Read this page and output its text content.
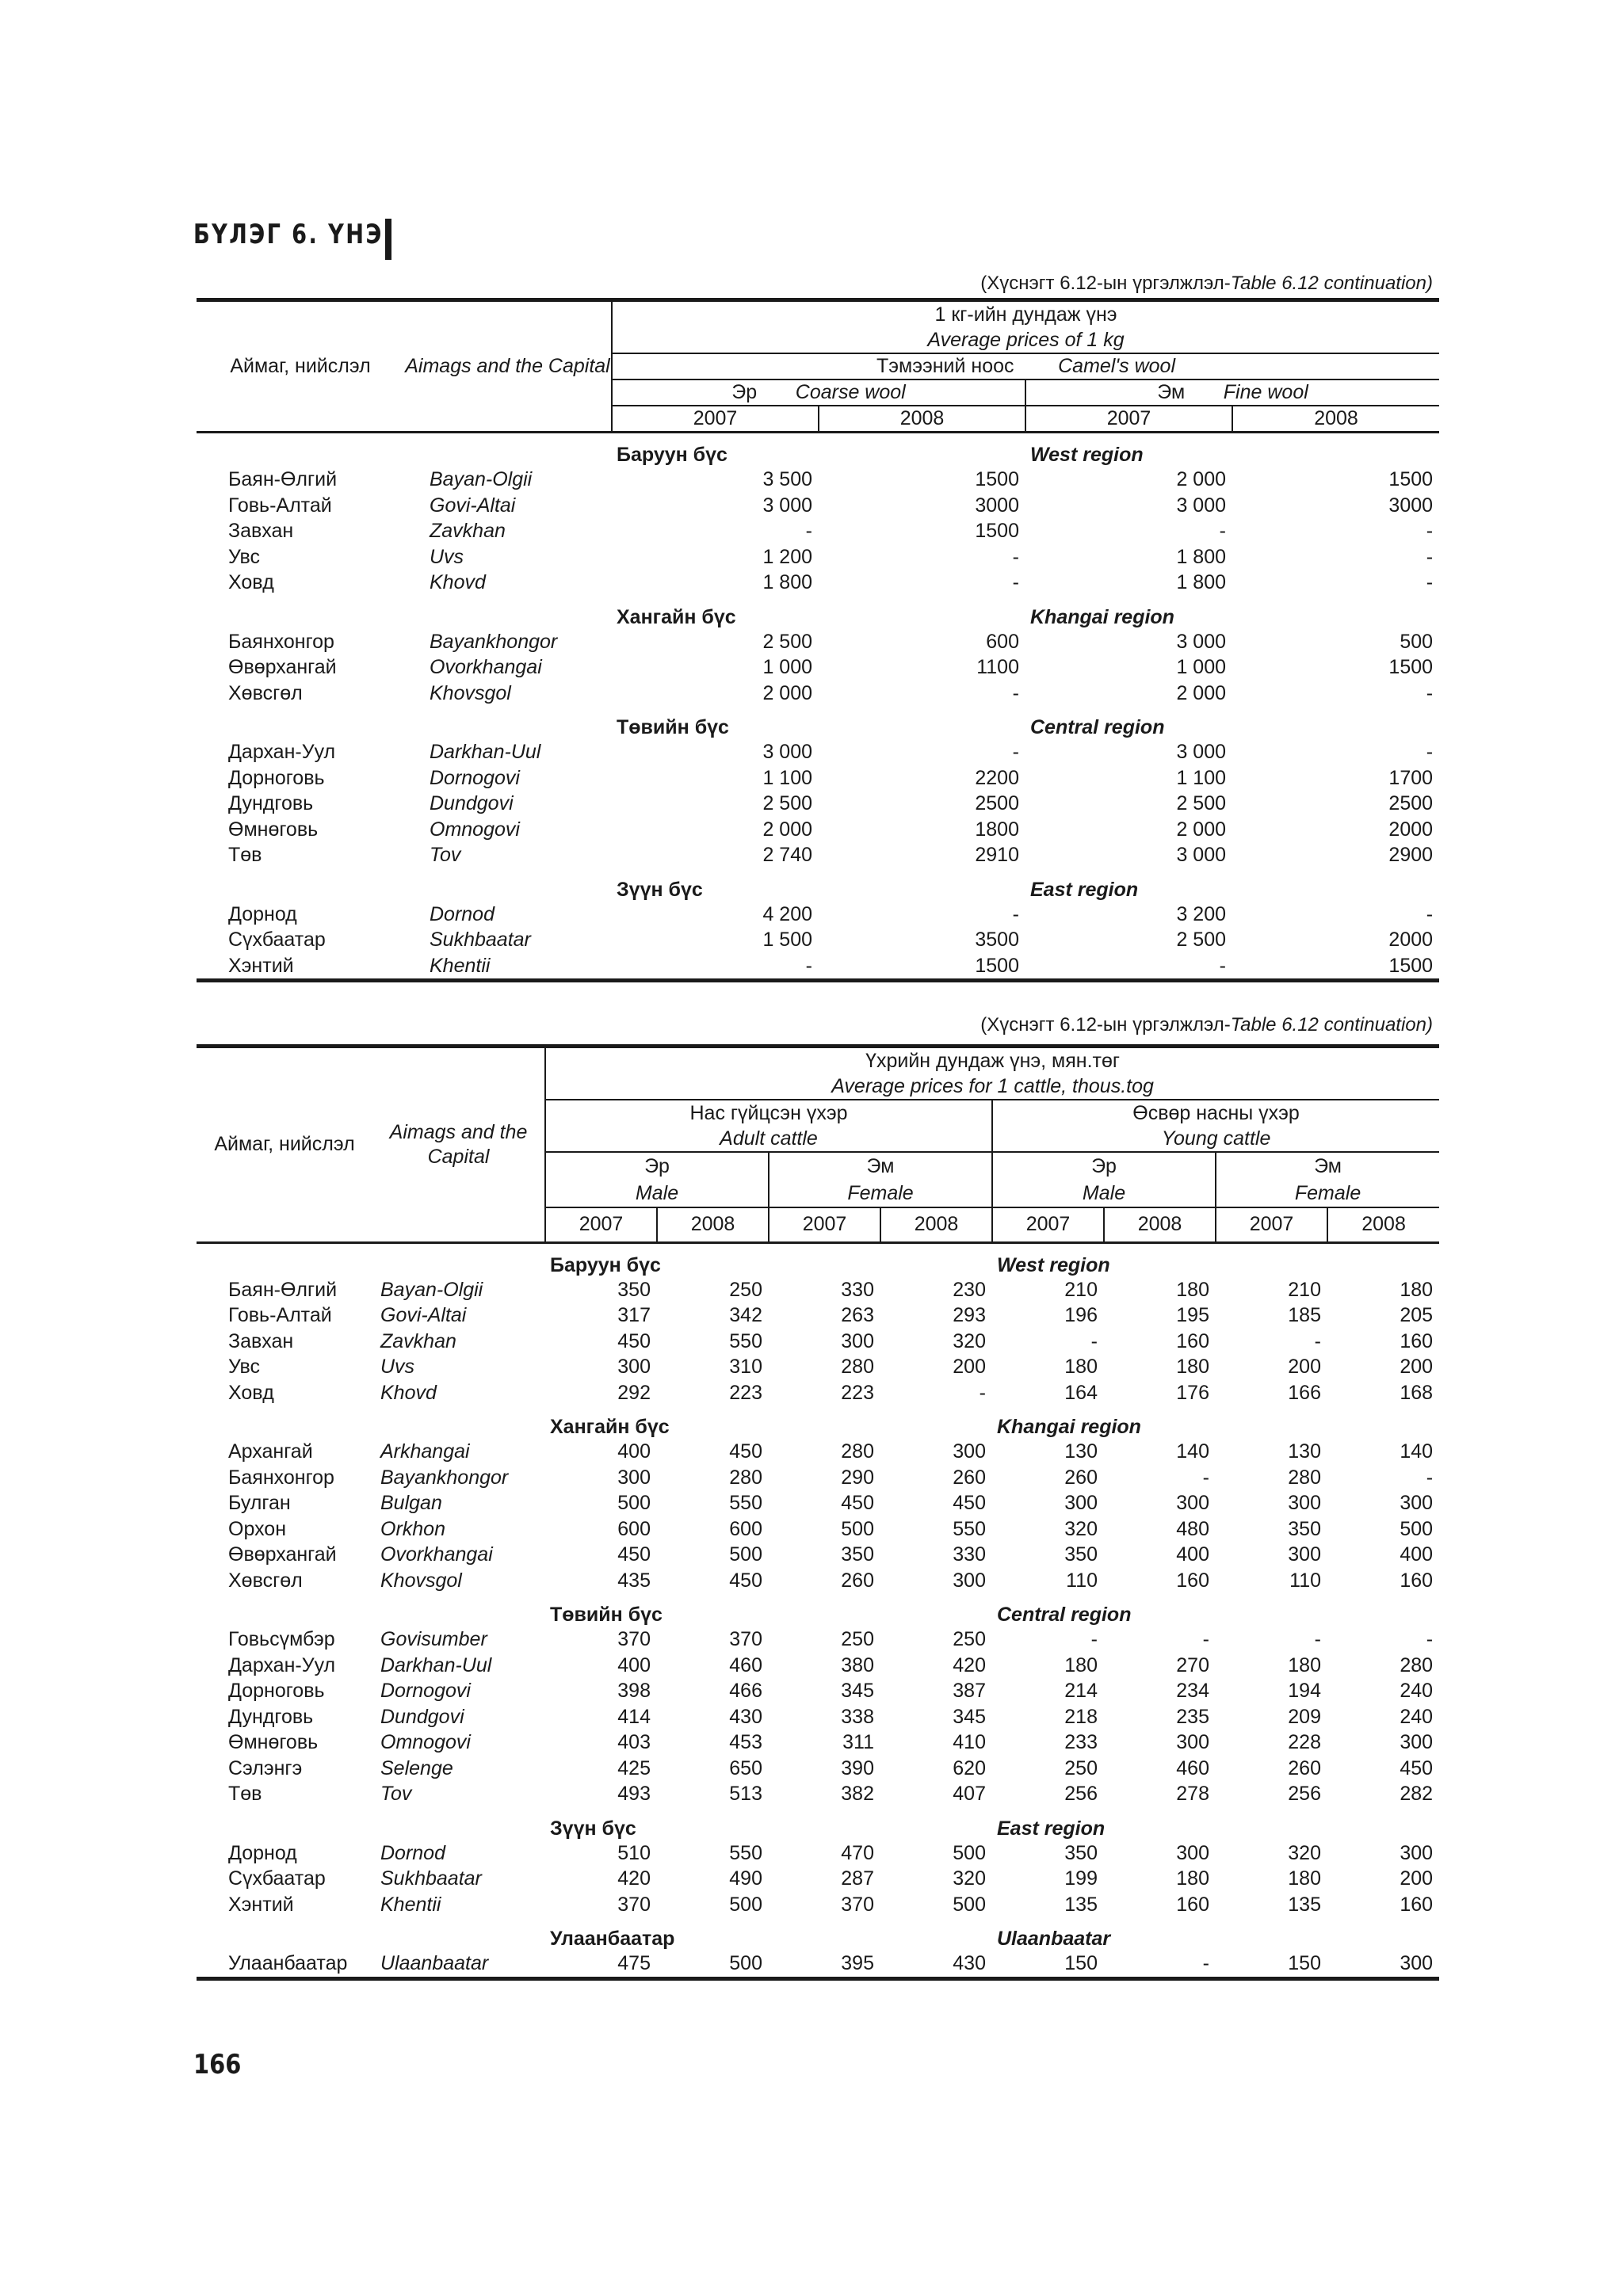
БҮЛЭГ 6. ҮНЭ
(Хүснэгт 6.12-ын үргэлжлэл-Table 6.12 continuation)
Аймаг, нийслэл	Aimags and the Capital	1 кг-ийн дундаж үнэ
Average prices of 1 kg			
		Тэмээний ноос Camel's wool			
		Эр Coarse wool		Эм Fine wool	
		2007	2008	2007	2008
		Баруун бүс		West region	
Баян-Өлгий	Bayan-Olgii	3 500	1500	2 000	1500
Говь-Алтай	Govi-Altai	3 000	3000	3 000	3000
Завхан	Zavkhan	-	1500	-	-
Увс	Uvs	1 200	-	1 800	-
Ховд	Khovd	1 800	-	1 800	-
		Хангайн бүс		Khangai region	
Баянхонгор	Bayankhongor	2 500	600	3 000	500
Өвөрхангай	Ovorkhangai	1 000	1100	1 000	1500
Хөвсгөл	Khovsgol	2 000	-	2 000	-
		Төвийн бүс		Central region	
Дархан-Уул	Darkhan-Uul	3 000	-	3 000	-
Дорноговь	Dornogovi	1 100	2200	1 100	1700
Дундговь	Dundgovi	2 500	2500	2 500	2500
Өмнөговь	Omnogovi	2 000	1800	2 000	2000
Төв	Tov	2 740	2910	3 000	2900
		Зүүн бүс		East region	
Дорнод	Dornod	4 200	-	3 200	-
Сүхбаатар	Sukhbaatar	1 500	3500	2 500	2000
Хэнтий	Khentii	-	1500	-	1500
(Хүснэгт 6.12-ын үргэлжлэл-Table 6.12 continuation)
Аймаг, нийслэл	Aimags and the Capital	Үхрийн дундаж үнэ, мян.төг
Average prices for 1 cattle, thous.tog							
		Нас гүйцсэн үхэр
Adult cattle				Өсвөр насны үхэр
Young cattle			
		Эр
Male		Эм
Female		Эр
Male		Эм
Female	
		2007	2008	2007	2008	2007	2008	2007	2008
		Баруун бүс				West region			
Баян-Өлгий	Bayan-Olgii	350	250	330	230	210	180	210	180
Говь-Алтай	Govi-Altai	317	342	263	293	196	195	185	205
Завхан	Zavkhan	450	550	300	320	-	160	-	160
Увс	Uvs	300	310	280	200	180	180	200	200
Ховд	Khovd	292	223	223	-	164	176	166	168
		Хангайн бүс				Khangai region			
Архангай	Arkhangai	400	450	280	300	130	140	130	140
Баянхонгор	Bayankhongor	300	280	290	260	260	-	280	-
Булган	Bulgan	500	550	450	450	300	300	300	300
Орхон	Orkhon	600	600	500	550	320	480	350	500
Өвөрхангай	Ovorkhangai	450	500	350	330	350	400	300	400
Хөвсгөл	Khovsgol	435	450	260	300	110	160	110	160
		Төвийн бүс				Central region			
Говьсүмбэр	Govisumber	370	370	250	250	-	-	-	-
Дархан-Уул	Darkhan-Uul	400	460	380	420	180	270	180	280
Дорноговь	Dornogovi	398	466	345	387	214	234	194	240
Дундговь	Dundgovi	414	430	338	345	218	235	209	240
Өмнөговь	Omnogovi	403	453	311	410	233	300	228	300
Сэлэнгэ	Selenge	425	650	390	620	250	460	260	450
Төв	Tov	493	513	382	407	256	278	256	282
		Зүүн бүс				East region			
Дорнод	Dornod	510	550	470	500	350	300	320	300
Сүхбаатар	Sukhbaatar	420	490	287	320	199	180	180	200
Хэнтий	Khentii	370	500	370	500	135	160	135	160
		Улаанбаатар				Ulaanbaatar			
Улаанбаатар	Ulaanbaatar	475	500	395	430	150	-	150	300
166
